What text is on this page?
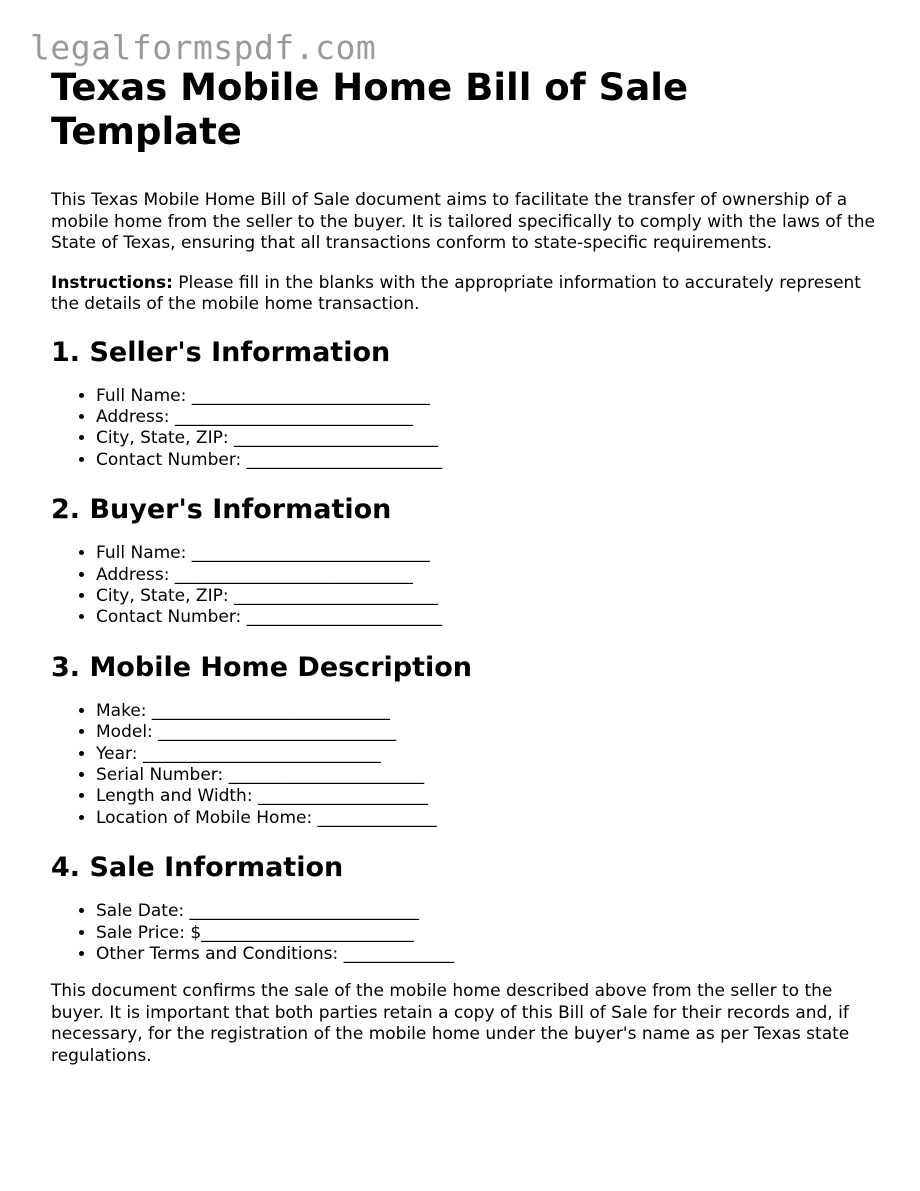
legalformspdf.com
Texas Mobile Home Bill of Sale Template

This Texas Mobile Home Bill of Sale document aims to facilitate the transfer of ownership of a mobile home from the seller to the buyer. It is tailored specifically to comply with the laws of the State of Texas, ensuring that all transactions conform to state-specific requirements.

Instructions: Please fill in the blanks with the appropriate information to accurately represent the details of the mobile home transaction.

1. Seller's Information
• Full Name: ____________________________
• Address: ____________________________
• City, State, ZIP: ________________________
• Contact Number: _______________________
2. Buyer's Information
• Full Name: ____________________________
• Address: ____________________________
• City, State, ZIP: ________________________
• Contact Number: _______________________
3. Mobile Home Description
• Make: ____________________________
• Model: ____________________________
• Year: ____________________________
• Serial Number: _______________________
• Length and Width: ____________________
• Location of Mobile Home: ______________
4. Sale Information
• Sale Date: ___________________________
• Sale Price: $_________________________
• Other Terms and Conditions: _____________

This document confirms the sale of the mobile home described above from the seller to the buyer. It is important that both parties retain a copy of this Bill of Sale for their records and, if necessary, for the registration of the mobile home under the buyer's name as per Texas state regulations.
